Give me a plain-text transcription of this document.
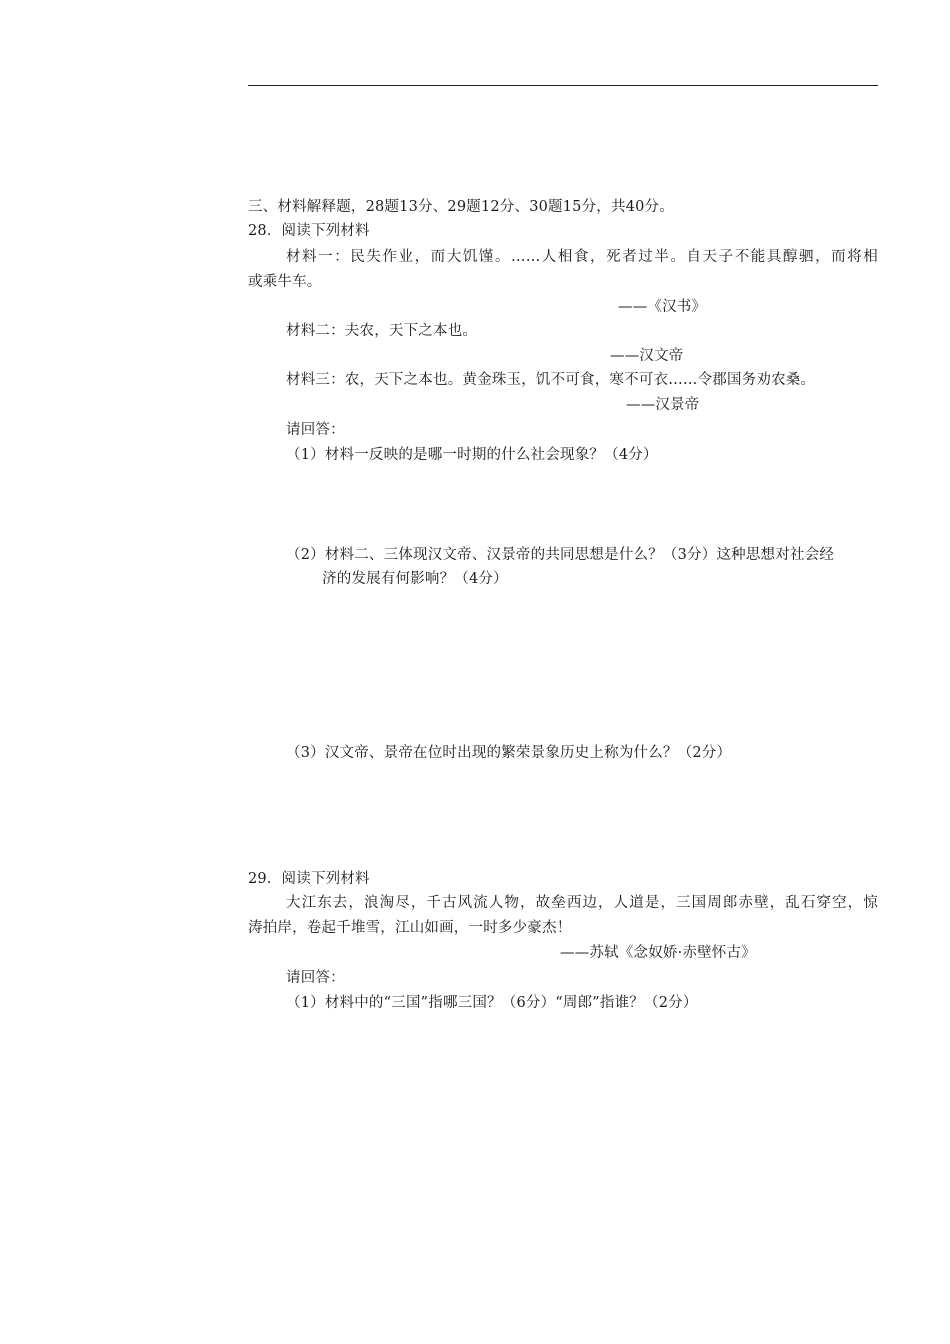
三、材料解释题，28题13分、29题12分、30题15分，共40分。
28．阅读下列材料
材料一：民失作业，而大饥馑。……人相食，死者过半。自天子不能具醇驷，而将相
或乘牛车。
——《汉书》
材料二：夫农，天下之本也。
——汉文帝
材料三：农，天下之本也。黄金珠玉，饥不可食，寒不可衣……令郡国务劝农桑。
——汉景帝
请回答：
（1）材料一反映的是哪一时期的什么社会现象？（4分）
（2）材料二、三体现汉文帝、汉景帝的共同思想是什么？（3分）这种思想对社会经
济的发展有何影响？（4分）
（3）汉文帝、景帝在位时出现的繁荣景象历史上称为什么？（2分）
29．阅读下列材料
大江东去，浪淘尽，千古风流人物，故垒西边，人道是，三国周郎赤壁，乱石穿空，惊
涛拍岸，卷起千堆雪，江山如画，一时多少豪杰！
——苏轼《念奴娇·赤壁怀古》
请回答：
（1）材料中的“三国”指哪三国？（6分）“周郎”指谁？（2分）
